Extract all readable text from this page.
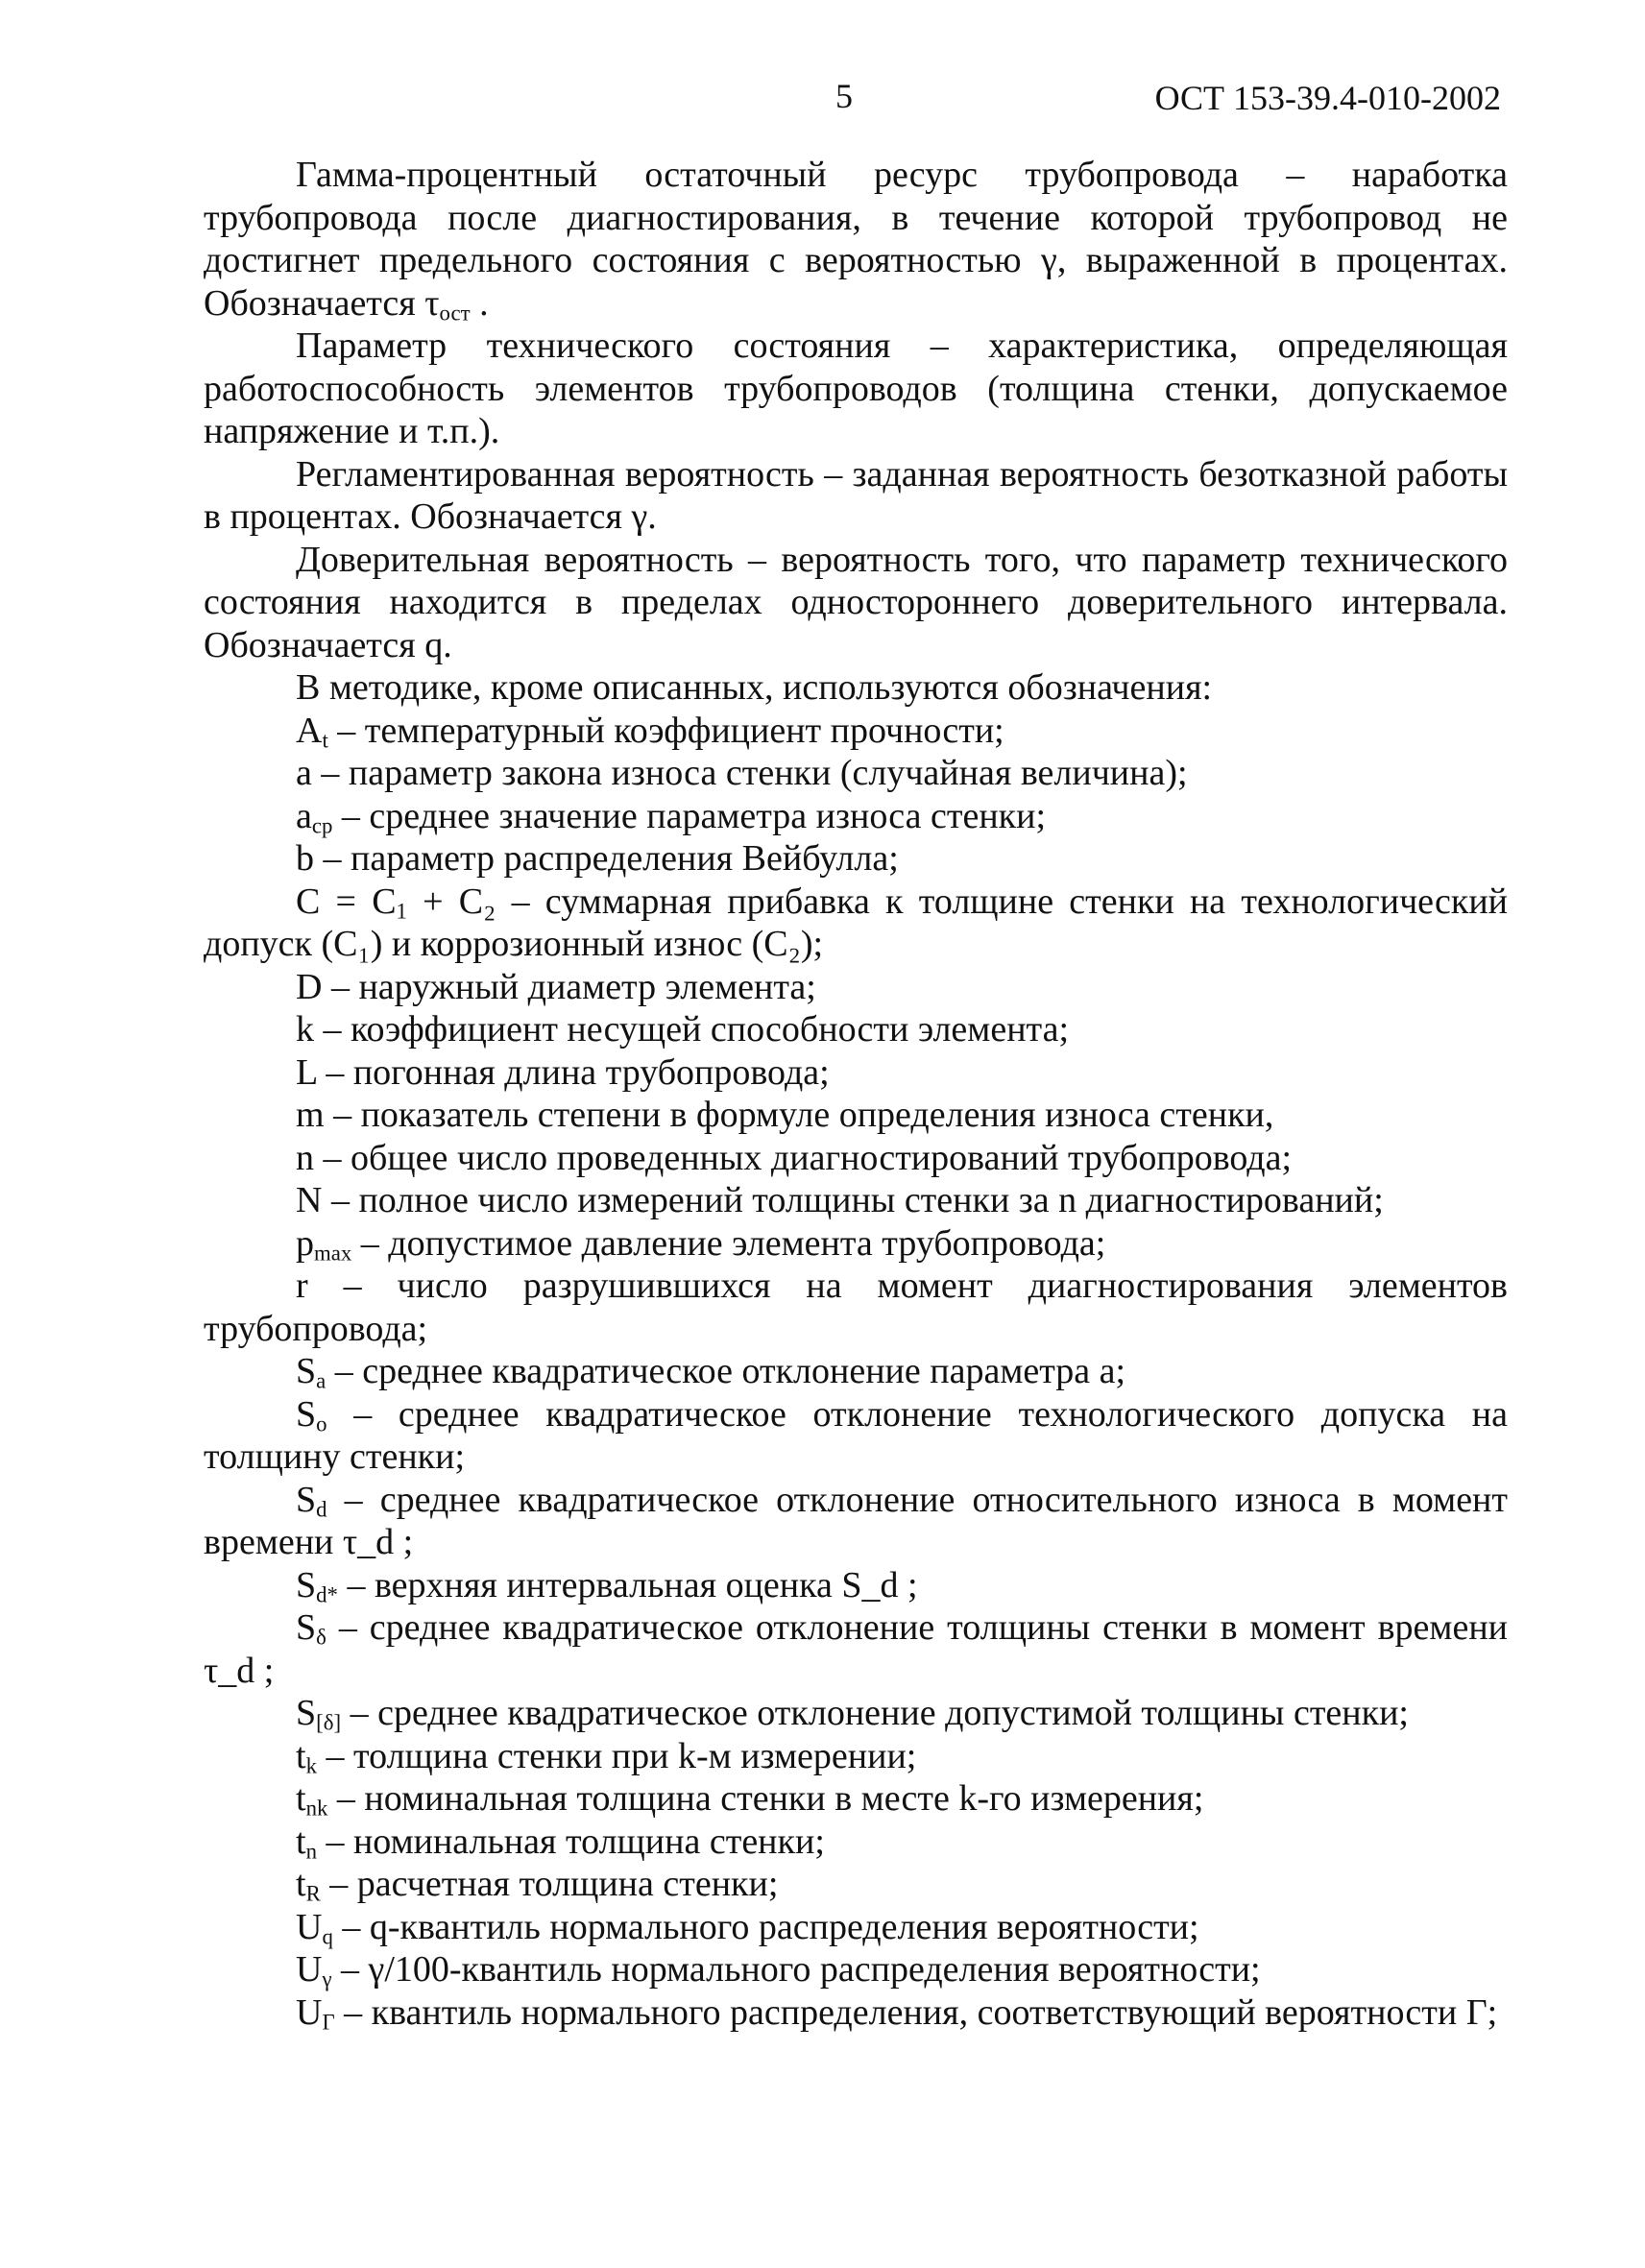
5	ОСТ 153-39.4-010-2002

Гамма-процентный остаточный ресурс трубопровода – наработка трубопровода после диагностирования, в течение которой трубопровод не достигнет предельного состояния с вероятностью γ, выраженной в процентах. Обозначается $\tau_{ост}$ .

Параметр технического состояния – характеристика, определяющая работоспособность элементов трубопроводов (толщина стенки, допускаемое напряжение и т.п.).

Регламентированная вероятность – заданная вероятность безотказной работы в процентах. Обозначается γ.

Доверительная вероятность – вероятность того, что параметр технического состояния находится в пределах одностороннего доверительного интервала. Обозначается q.

В методике, кроме описанных, используются обозначения:

$A_t$ – температурный коэффициент прочности;

a – параметр закона износа стенки (случайная величина);

$a_{ср}$ – среднее значение параметра износа стенки;

b – параметр распределения Вейбулла;

$C = C_1 + C_2$ – суммарная прибавка к толщине стенки на технологический допуск (C₁) и коррозионный износ (C₂);

D – наружный диаметр элемента;

k – коэффициент несущей способности элемента;

L – погонная длина трубопровода;

m – показатель степени в формуле определения износа стенки,

n – общее число проведенных диагностирований трубопровода;

N – полное число измерений толщины стенки за n диагностирований;

$p_{max}$ – допустимое давление элемента трубопровода;

r – число разрушившихся на момент диагностирования элементов трубопровода;

$S_a$ – среднее квадратическое отклонение параметра a;

$S_o$ – среднее квадратическое отклонение технологического допуска на толщину стенки;

$S_d$ – среднее квадратическое отклонение относительного износа в момент времени τ_d ;

$S_{d*}$ – верхняя интервальная оценка S_d ;

$S_\delta$ – среднее квадратическое отклонение толщины стенки в момент времени τ_d ;

$S_{[\delta]}$ – среднее квадратическое отклонение допустимой толщины стенки;

$t_k$ – толщина стенки при k-м измерении;

$t_{nk}$ – номинальная толщина стенки в месте k-го измерения;

$t_n$ – номинальная толщина стенки;

$t_R$ – расчетная толщина стенки;

$U_q$ – q-квантиль нормального распределения вероятности;

$U_\gamma$ – γ/100-квантиль нормального распределения вероятности;

$U_Г$ – квантиль нормального распределения, соответствующий вероятности Г;
